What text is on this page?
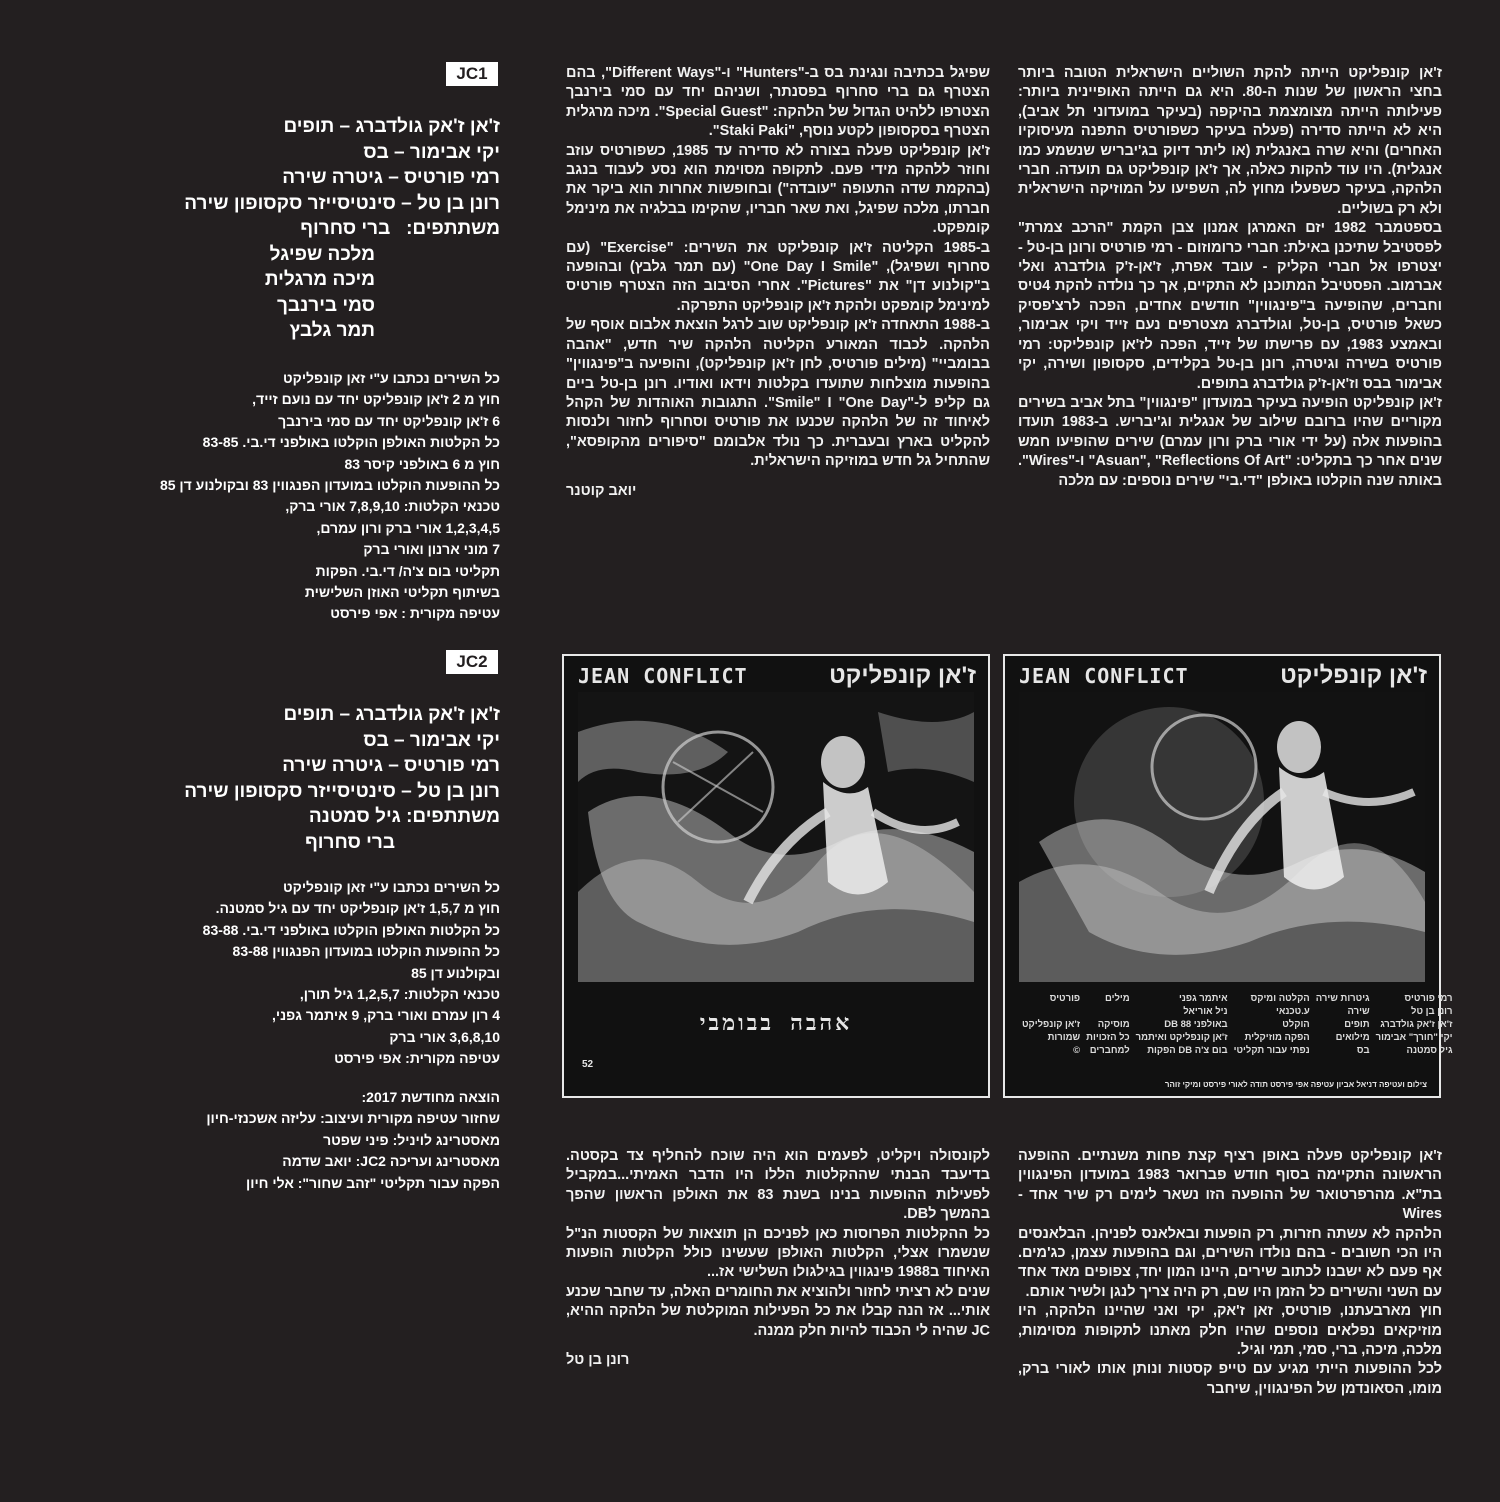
ז'אן קונפליקט הייתה להקת השוליים הישראלית הטובה ביותר בחצי הראשון של שנות ה-80. היא גם הייתה האופיינית ביותר: פעילותה הייתה מצומצמת בהיקפה (בעיקר במועדוני תל אביב), היא לא הייתה סדירה (פעלה בעיקר כשפורטיס התפנה מעיסוקיו האחרים) והיא שרה באנגלית (או ליתר דיוק בג'יבריש שנשמע כמו אנגלית). היו עוד להקות כאלה, אך ז'אן קונפליקט גם תועדה. חברי הלהקה, בעיקר כשפעלו מחוץ לה, השפיעו על המוזיקה הישראלית ולא רק בשוליים.

בספטמבר 1982 יזם האמרגן אמנון צבן הקמת "הרכב צמרת" לפסטיבל שתיכנן באילת: חברי כרומוזום - רמי פורטיס ורונן בן-טל - יצטרפו אל חברי הקליק - עובד אפרת, ז'אן-ז'ק גולדברג ואלי אברמוב. הפסטיבל המתוכנן לא התקיים, אך כך נולדה להקת 4טיס וחברים, שהופיעה ב"פינגווין" חודשים אחדים, הפכה לרצ'פסיק כשאל פורטיס, בן-טל, וגולדברג מצטרפים נעם זייד ויקי אבימור, ובאמצע 1983, עם פרישתו של זייד, הפכה לז'אן קונפליקט: רמי פורטיס בשירה וגיטרה, רונן בן-טל בקלידים, סקסופון ושירה, יקי אבימור בבס וז'אן-ז'ק גולדברג בתופים.

ז'אן קונפליקט הופיעה בעיקר במועדון "פינגווין" בתל אביב בשירים מקוריים שהיו ברובם שילוב של אנגלית וג'יבריש. ב-1983 תועדו בהופעות אלה (על ידי אורי ברק ורון עמרם) שירים שהופיעו חמש שנים אחר כך בתקליט: "Asuan", "Reflections Of Art" ו-"Wires". באותה שנה הוקלטו באולפן "די.בי" שירים נוספים: עם מלכה

שפיגל בכתיבה ונגינת בס ב-"Hunters" ו-"Different Ways", בהם הצטרף גם ברי סחרוף בפסנתר, ושניהם יחד עם סמי בירנבך הצטרפו ללהיט הגדול של הלהקה: "Special Guest". מיכה מרגלית הצטרף בסקסופון לקטע נוסף, "Staki Paki".

ז'אן קונפליקט פעלה בצורה לא סדירה עד 1985, כשפורטיס עוזב וחוזר ללהקה מידי פעם. לתקופה מסוימת הוא נסע לעבוד בנגב (בהקמת שדה התעופה "עובדה") ובחופשות אחרות הוא ביקר את חברתו, מלכה שפיגל, ואת שאר חבריו, שהקימו בבלגיה את מינימל קומפקט.

ב-1985 הקליטה ז'אן קונפליקט את השירים: "Exercise" (עם סחרוף ושפיגל), "One Day I Smile" (עם תמר גלבץ) ובהופעה ב"קולנוע דן" את "Pictures". אחרי הסיבוב הזה הצטרף פורטיס למינימל קומפקט ולהקת ז'אן קונפליקט התפרקה.

ב-1988 התאחדה ז'אן קונפליקט שוב לרגל הוצאת אלבום אוסף של הלהקה. לכבוד המאורע הקליטה הלהקה שיר חדש, "אהבה בבומביי" (מילים פורטיס, לחן ז'אן קונפליקט), והופיעה ב"פינגווין" בהופעות מוצלחות שתועדו בקלטות וידאו ואודיו. רונן בן-טל ביים גם קליפ ל-"Smile" I "One Day". התגובות האוהדות של הקהל לאיחוד זה של הלהקה שכנעו את פורטיס וסחרוף לחזור ולנסות להקליט בארץ ובעברית. כך נולד אלבומם "סיפורים מהקופסא", שהתחיל גל חדש במוזיקה הישראלית.

יואב קוטנר

JC1
ז'אן ז'אק גולדברג – תופים
יקי אבימור – בס
רמי פורטיס – גיטרה שירה
רונן בן טל – סינטיסייזר סקסופון שירה
משתתפים:   ברי סחרוף
מלכה שפיגל
מיכה מרגלית
סמי בירנבך
תמר גלבץ
כל השירים נכתבו ע"י זאן קונפליקט
חוץ מ 2 ז'אן קונפליקט יחד עם נועם זייד,
6 ז'אן קונפליקט יחד עם סמי בירנבך
כל הקלטות האולפן הוקלטו באולפני די.בי. 83-85
חוץ מ 6 באולפני קיסר 83
כל ההופעות הוקלטו במועדון הפנגווין 83 ובקולנוע דן 85
טכנאי הקלטות: 7,8,9,10 אורי ברק,
1,2,3,4,5 אורי ברק ורון עמרם,
7 מוני ארנון ואורי ברק
תקליטי בום צ'ה/ די.בי. הפקות
בשיתוף תקליטי האוזן השלישית
עטיפה מקורית : אפי פירסט
JC2
ז'אן ז'אק גולדברג – תופים
יקי אבימור – בס
רמי פורטיס – גיטרה שירה
רונן בן טל – סינטיסייזר סקסופון שירה
משתתפים: גיל סמטנה
ברי סחרוף
כל השירים נכתבו ע"י זאן קונפליקט
חוץ מ 1,5,7 ז'אן קונפליקט יחד עם גיל סמטנה.
כל הקלטות האולפן הוקלטו באולפני די.בי. 83-88
כל ההופעות הוקלטו במועדון הפנגווין 83-88
ובקולנוע דן 85
טכנאי הקלטות: 1,2,5,7 גיל תורן,
4 רון עמרם ואורי ברק, 9 איתמר גפני,
3,6,8,10 אורי ברק
עטיפה מקורית: אפי פירסט
הוצאה מחודשת 2017:
שחזור עטיפה מקורית ועיצוב: עליזה אשכנזי-חיון
מאסטרינג לויניל: פיני שפטר
מאסטרינג ועריכה JC2: יואב שדמה
הפקה עבור תקליטי "זהב שחור": אלי חיון
JEAN CONFLICT	ז'אן קונפליקט
אהבה בבומבי
52
JEAN CONFLICT	ז'אן קונפליקט
רמי פורטיס	גיטרות שירה	הקלטה ומיקס	איתמר גפני	מילים	פורטיס
רונן בן טל	שירה	ע.טכנאי	ניל אוריאל		
ז'אן ז'אק גולדברג	תופים	הוקלט	באולפני DB 88	מוסיקה	ז'אן קונפליקט
יקי "חורך" אבימור	מילואים	הפקה מוזיקלית	ז'אן קונפליקט ואיתמר	כל הזכויות	שמורות
גיל סמטנה	בס	נפתי עבור תקליטי	בום צ'ה DB הפקות	למחברים	©
צילום ועטיפה דניאל אביון עטיפה אפי פירסט תודה לאורי פירסט ומיקי זוהר

ז'אן קונפליקט פעלה באופן רציף קצת פחות משנתיים. ההופעה הראשונה התקיימה בסוף חודש פברואר 1983 במועדון הפינגווין בת"א. מהרפרטואר של ההופעה הזו נשאר לימים רק שיר אחד - Wires

הלהקה לא עשתה חזרות, רק הופעות ובאלאנס לפניהן. הבלאנסים היו הכי חשובים - בהם נולדו השירים, וגם בהופעות עצמן, כג'מים. אף פעם לא ישבנו לכתוב שירים, היינו המון יחד, צפופים מאד אחד עם השני והשירים כל הזמן היו שם, רק היה צריך לנגן ולשיר אותם.

חוץ מארבעתנו, פורטיס, זאן ז'אק, יקי ואני שהיינו הלהקה, היו מוזיקאים נפלאים נוספים שהיו חלק מאתנו לתקופות מסוימות, מלכה, מיכה, ברי, סמי, תמי וגיל.

לכל ההופעות הייתי מגיע עם טייפ קסטות ונותן אותו לאורי ברק, מומו, הסאונדמן של הפינגווין, שיחבר

לקונסולה ויקליט, לפעמים הוא היה שוכח להחליף צד בקסטה. בדיעבד הבנתי שההקלטות הללו היו הדבר האמיתי...במקביל לפעילות ההופעות בנינו בשנת 83 את האולפן הראשון שהפך בהמשך לDB.

כל ההקלטות הפרוסות כאן לפניכם הן תוצאות של הקסטות הנ"ל שנשמרו אצלי, הקלטות האולפן שעשינו כולל הקלטות הופעות האיחוד ב1988 פינגווין בגילגולו השלישי אז...

שנים לא רציתי לחזור ולהוציא את החומרים האלה, עד שחבר שכנע אותי... אז הנה קבלו את כל הפעילות המוקלטת של הלהקה ההיא, JC שהיה לי הכבוד להיות חלק ממנה.

רונן בן טל
